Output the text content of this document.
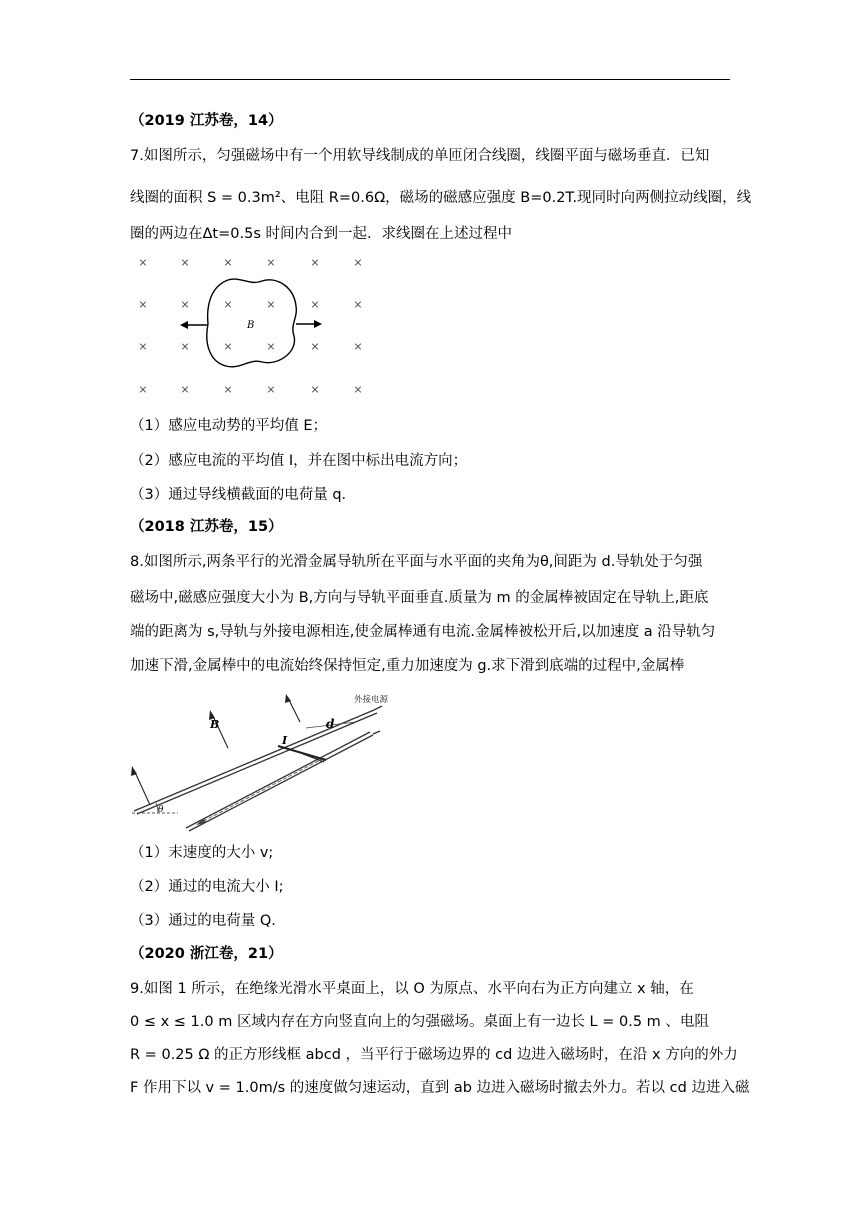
（2019 江苏卷，14）
7.如图所示，匀强磁场中有一个用软导线制成的单匝闭合线圈，线圈平面与磁场垂直．已知
线圈的面积 S = 0.3m²、电阻 R=0.6Ω，磁场的磁感应强度 B=0.2T.现同时向两侧拉动线圈，线
圈的两边在Δt=0.5s 时间内合到一起．求线圈在上述过程中
×	×	×	×	×	×
×	×	×	×	×	×
×	×	×	×	×	×
×	×	×	×	×	×
B
（1）感应电动势的平均值 E；
（2）感应电流的平均值 I，并在图中标出电流方向；
（3）通过导线横截面的电荷量 q．
（2018 江苏卷，15）
8.如图所示,两条平行的光滑金属导轨所在平面与水平面的夹角为θ,间距为 d.导轨处于匀强
磁场中,磁感应强度大小为 B,方向与导轨平面垂直.质量为 m 的金属棒被固定在导轨上,距底
端的距离为 s,导轨与外接电源相连,使金属棒通有电流.金属棒被松开后,以加速度 a 沿导轨匀
加速下滑,金属棒中的电流始终保持恒定,重力加速度为 g.求下滑到底端的过程中,金属棒
外接电源
d
B
I
θ
（1）末速度的大小 v;
（2）通过的电流大小 I;
（3）通过的电荷量 Q.
（2020 浙江卷，21）
9.如图 1 所示，在绝缘光滑水平桌面上，以 O 为原点、水平向右为正方向建立 x 轴，在
0 ≤ x ≤ 1.0 m 区域内存在方向竖直向上的匀强磁场。桌面上有一边长 L = 0.5 m 、电阻
R = 0.25 Ω 的正方形线框 abcd ，当平行于磁场边界的 cd 边进入磁场时，在沿 x 方向的外力
F 作用下以 v = 1.0m/s 的速度做匀速运动，直到 ab 边进入磁场时撤去外力。若以 cd 边进入磁
